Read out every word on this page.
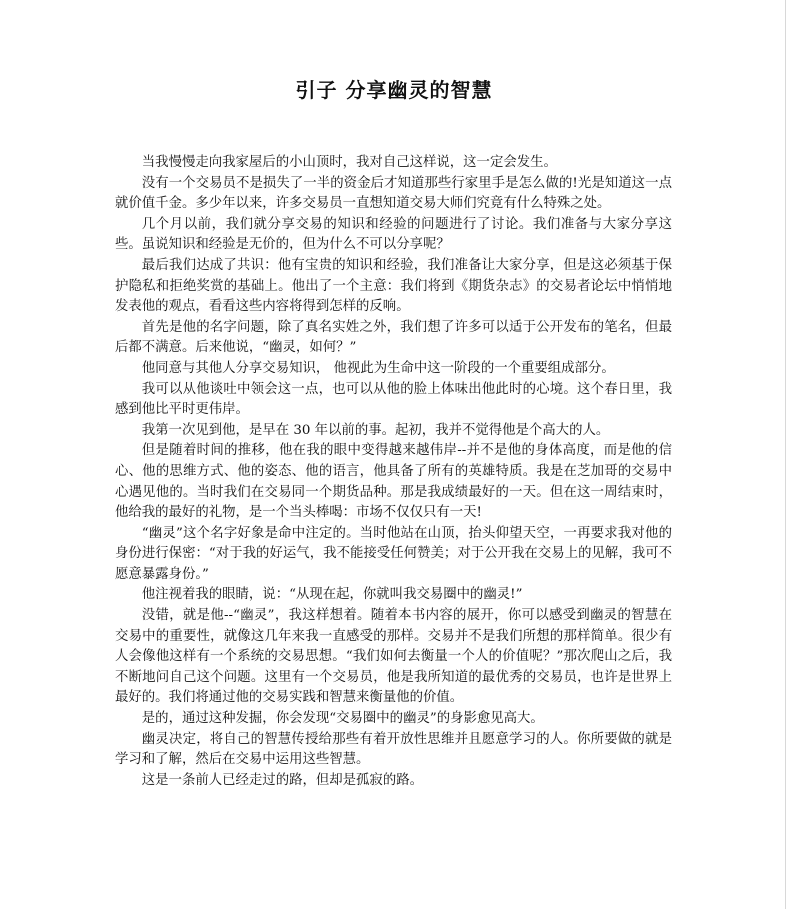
引子 分享幽灵的智慧

当我慢慢走向我家屋后的小山顶时，我对自己这样说，这一定会发生。

没有一个交易员不是损失了一半的资金后才知道那些行家里手是怎么做的!光是知道这一点就价值千金。多少年以来，许多交易员一直想知道交易大师们究竟有什么特殊之处。

几个月以前，我们就分享交易的知识和经验的问题进行了讨论。我们准备与大家分享这些。虽说知识和经验是无价的，但为什么不可以分享呢？

最后我们达成了共识：他有宝贵的知识和经验，我们准备让大家分享，但是这必须基于保护隐私和拒绝奖赏的基础上。他出了一个主意：我们将到《期货杂志》的交易者论坛中悄悄地发表他的观点，看看这些内容将得到怎样的反响。

首先是他的名字问题，除了真名实姓之外，我们想了许多可以适于公开发布的笔名，但最后都不满意。后来他说，“幽灵，如何？”

他同意与其他人分享交易知识， 他视此为生命中这一阶段的一个重要组成部分。

我可以从他谈吐中领会这一点，也可以从他的脸上体味出他此时的心境。这个春日里，我感到他比平时更伟岸。

我第一次见到他，是早在 30 年以前的事。起初，我并不觉得他是个高大的人。

但是随着时间的推移，他在我的眼中变得越来越伟岸--并不是他的身体高度，而是他的信心、他的思维方式、他的姿态、他的语言，他具备了所有的英雄特质。我是在芝加哥的交易中心遇见他的。当时我们在交易同一个期货品种。那是我成绩最好的一天。但在这一周结束时，他给我的最好的礼物，是一个当头棒喝：市场不仅仅只有一天!

“幽灵”这个名字好象是命中注定的。当时他站在山顶，抬头仰望天空，一再要求我对他的身份进行保密：“对于我的好运气，我不能接受任何赞美；对于公开我在交易上的见解，我可不愿意暴露身份。”

他注视着我的眼睛，说：“从现在起，你就叫我交易圈中的幽灵!”

没错，就是他--“幽灵”，我这样想着。随着本书内容的展开，你可以感受到幽灵的智慧在交易中的重要性，就像这几年来我一直感受的那样。交易并不是我们所想的那样简单。很少有人会像他这样有一个系统的交易思想。“我们如何去衡量一个人的价值呢？”那次爬山之后，我不断地问自己这个问题。这里有一个交易员，他是我所知道的最优秀的交易员，也许是世界上最好的。我们将通过他的交易实践和智慧来衡量他的价值。

是的，通过这种发掘，你会发现“交易圈中的幽灵”的身影愈见高大。

幽灵决定，将自己的智慧传授给那些有着开放性思维并且愿意学习的人。你所要做的就是学习和了解，然后在交易中运用这些智慧。

这是一条前人已经走过的路，但却是孤寂的路。
